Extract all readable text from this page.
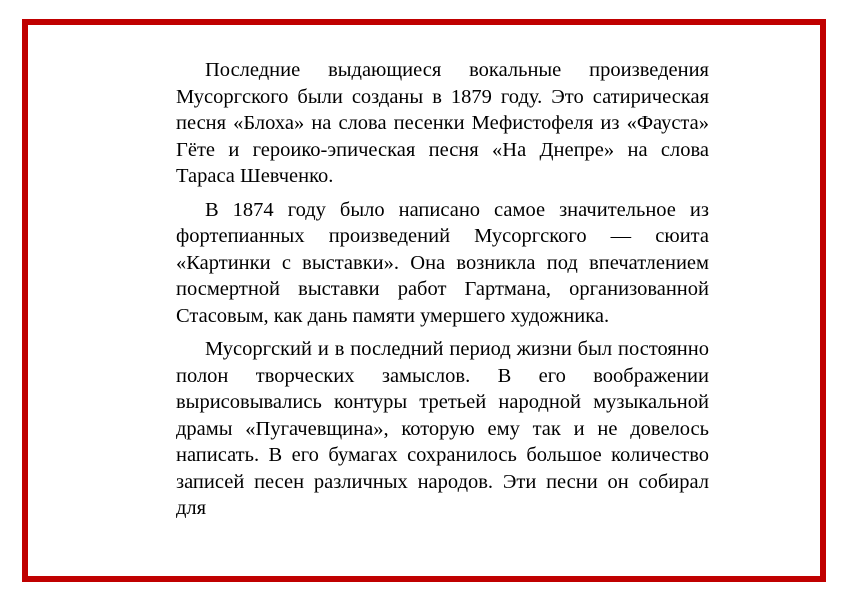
Последние выдающиеся вокальные произведения Мусоргского были созданы в 1879 году. Это сатирическая песня «Блоха» на слова песенки Мефистофеля из «Фауста» Гёте и героико-эпическая песня «На Днепре» на слова Тараса Шевченко.

В 1874 году было написано самое значительное из фортепианных произведений Мусоргского — сюита «Картинки с выставки». Она возникла под впечатлением посмертной выставки работ Гартмана, организованной Стасовым, как дань памяти умершего художника.

Мусоргский и в последний период жизни был постоянно полон творческих замыслов. В его воображении вырисовывались контуры третьей народной музыкальной драмы «Пугачевщина», которую ему так и не довелось написать. В его бумагах сохранилось большое количество записей песен различных народов. Эти песни он собирал для
